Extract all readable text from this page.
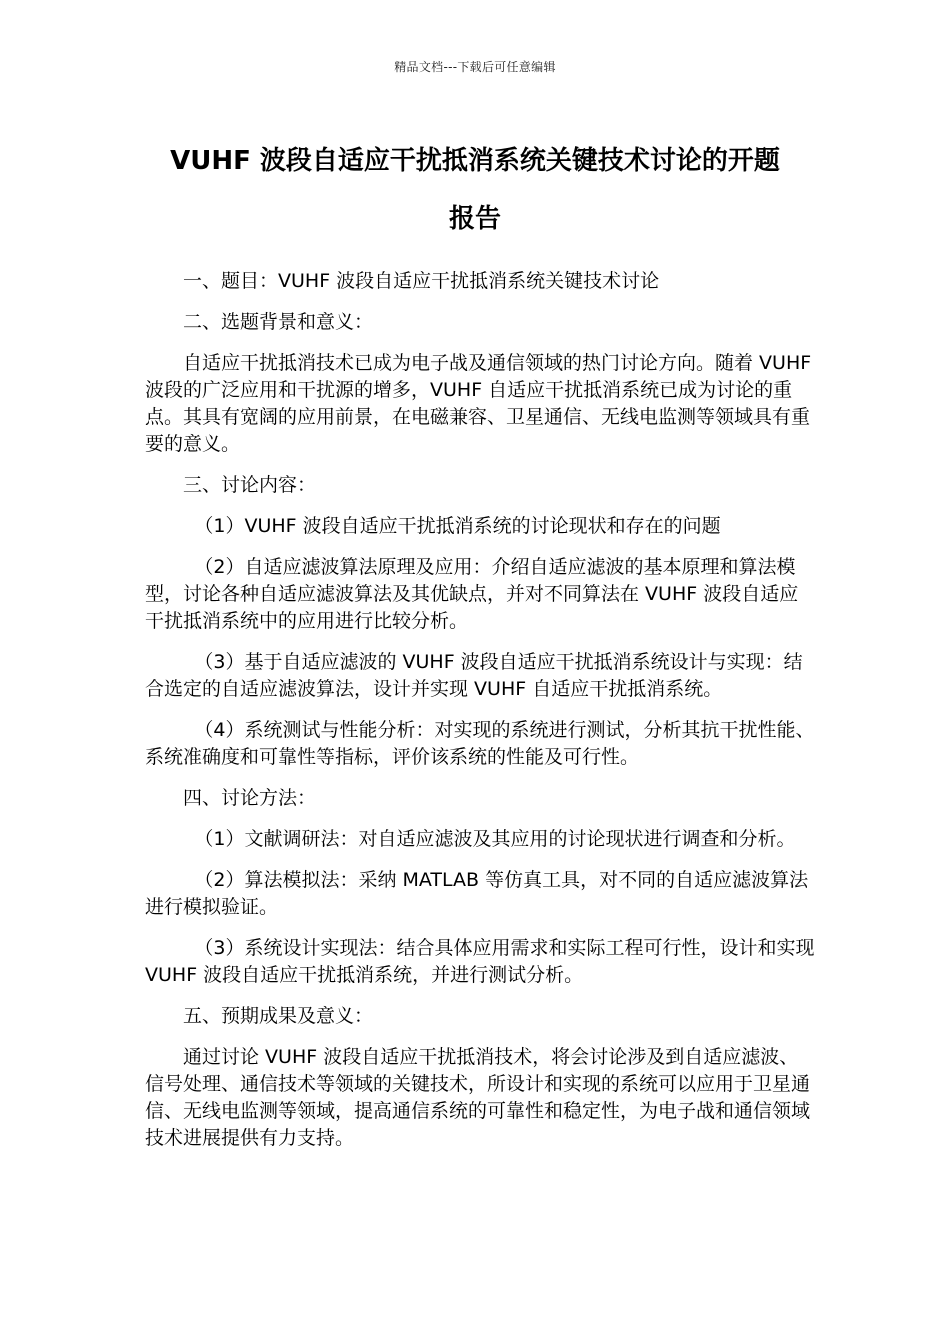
精品文档---下载后可任意编辑
VUHF 波段自适应干扰抵消系统关键技术讨论的开题
报告

一、题目：VUHF 波段自适应干扰抵消系统关键技术讨论

二、选题背景和意义：

自适应干扰抵消技术已成为电子战及通信领域的热门讨论方向。随着 VUHF 波段的广泛应用和干扰源的增多，VUHF 自适应干扰抵消系统已成为讨论的重点。其具有宽阔的应用前景，在电磁兼容、卫星通信、无线电监测等领域具有重要的意义。

三、讨论内容：

（1）VUHF 波段自适应干扰抵消系统的讨论现状和存在的问题

（2）自适应滤波算法原理及应用：介绍自适应滤波的基本原理和算法模型，讨论各种自适应滤波算法及其优缺点，并对不同算法在 VUHF 波段自适应干扰抵消系统中的应用进行比较分析。

（3）基于自适应滤波的 VUHF 波段自适应干扰抵消系统设计与实现：结合选定的自适应滤波算法，设计并实现 VUHF 自适应干扰抵消系统。

（4）系统测试与性能分析：对实现的系统进行测试，分析其抗干扰性能、系统准确度和可靠性等指标，评价该系统的性能及可行性。

四、讨论方法：

（1）文献调研法：对自适应滤波及其应用的讨论现状进行调查和分析。

（2）算法模拟法：采纳 MATLAB 等仿真工具，对不同的自适应滤波算法进行模拟验证。

（3）系统设计实现法：结合具体应用需求和实际工程可行性，设计和实现 VUHF 波段自适应干扰抵消系统，并进行测试分析。

五、预期成果及意义：

通过讨论 VUHF 波段自适应干扰抵消技术，将会讨论涉及到自适应滤波、信号处理、通信技术等领域的关键技术，所设计和实现的系统可以应用于卫星通信、无线电监测等领域，提高通信系统的可靠性和稳定性，为电子战和通信领域技术进展提供有力支持。
